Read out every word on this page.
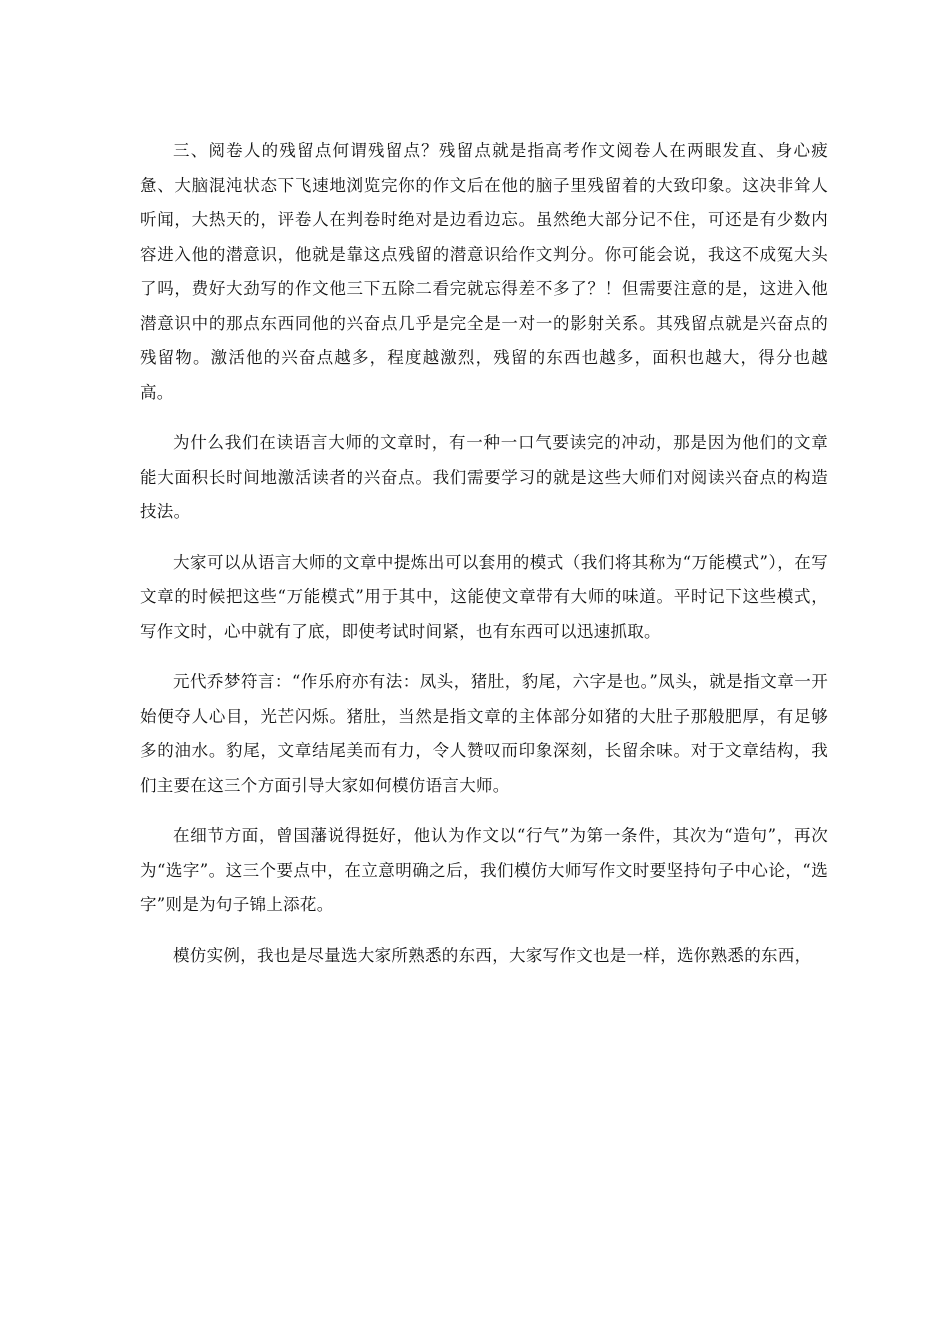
三、阅卷人的残留点何谓残留点？残留点就是指高考作文阅卷人在两眼发直、身心疲惫、大脑混沌状态下飞速地浏览完你的作文后在他的脑子里残留着的大致印象。这决非耸人听闻，大热天的，评卷人在判卷时绝对是边看边忘。虽然绝大部分记不住，可还是有少数内容进入他的潜意识，他就是靠这点残留的潜意识给作文判分。你可能会说，我这不成冤大头了吗，费好大劲写的作文他三下五除二看完就忘得差不多了？！但需要注意的是，这进入他潜意识中的那点东西同他的兴奋点几乎是完全是一对一的影射关系。其残留点就是兴奋点的残留物。激活他的兴奋点越多，程度越激烈，残留的东西也越多，面积也越大，得分也越高。

为什么我们在读语言大师的文章时，有一种一口气要读完的冲动，那是因为他们的文章能大面积长时间地激活读者的兴奋点。我们需要学习的就是这些大师们对阅读兴奋点的构造技法。

大家可以从语言大师的文章中提炼出可以套用的模式（我们将其称为“万能模式”），在写文章的时候把这些“万能模式”用于其中，这能使文章带有大师的味道。平时记下这些模式，写作文时，心中就有了底，即使考试时间紧，也有东西可以迅速抓取。

元代乔梦符言：“作乐府亦有法：凤头，猪肚，豹尾，六字是也。”凤头，就是指文章一开始便夺人心目，光芒闪烁。猪肚，当然是指文章的主体部分如猪的大肚子那般肥厚，有足够多的油水。豹尾，文章结尾美而有力，令人赞叹而印象深刻，长留余味。对于文章结构，我们主要在这三个方面引导大家如何模仿语言大师。

在细节方面，曾国藩说得挺好，他认为作文以“行气”为第一条件，其次为“造句”，再次为“选字”。这三个要点中，在立意明确之后，我们模仿大师写作文时要坚持句子中心论，“选字”则是为句子锦上添花。

模仿实例，我也是尽量选大家所熟悉的东西，大家写作文也是一样，选你熟悉的东西，
